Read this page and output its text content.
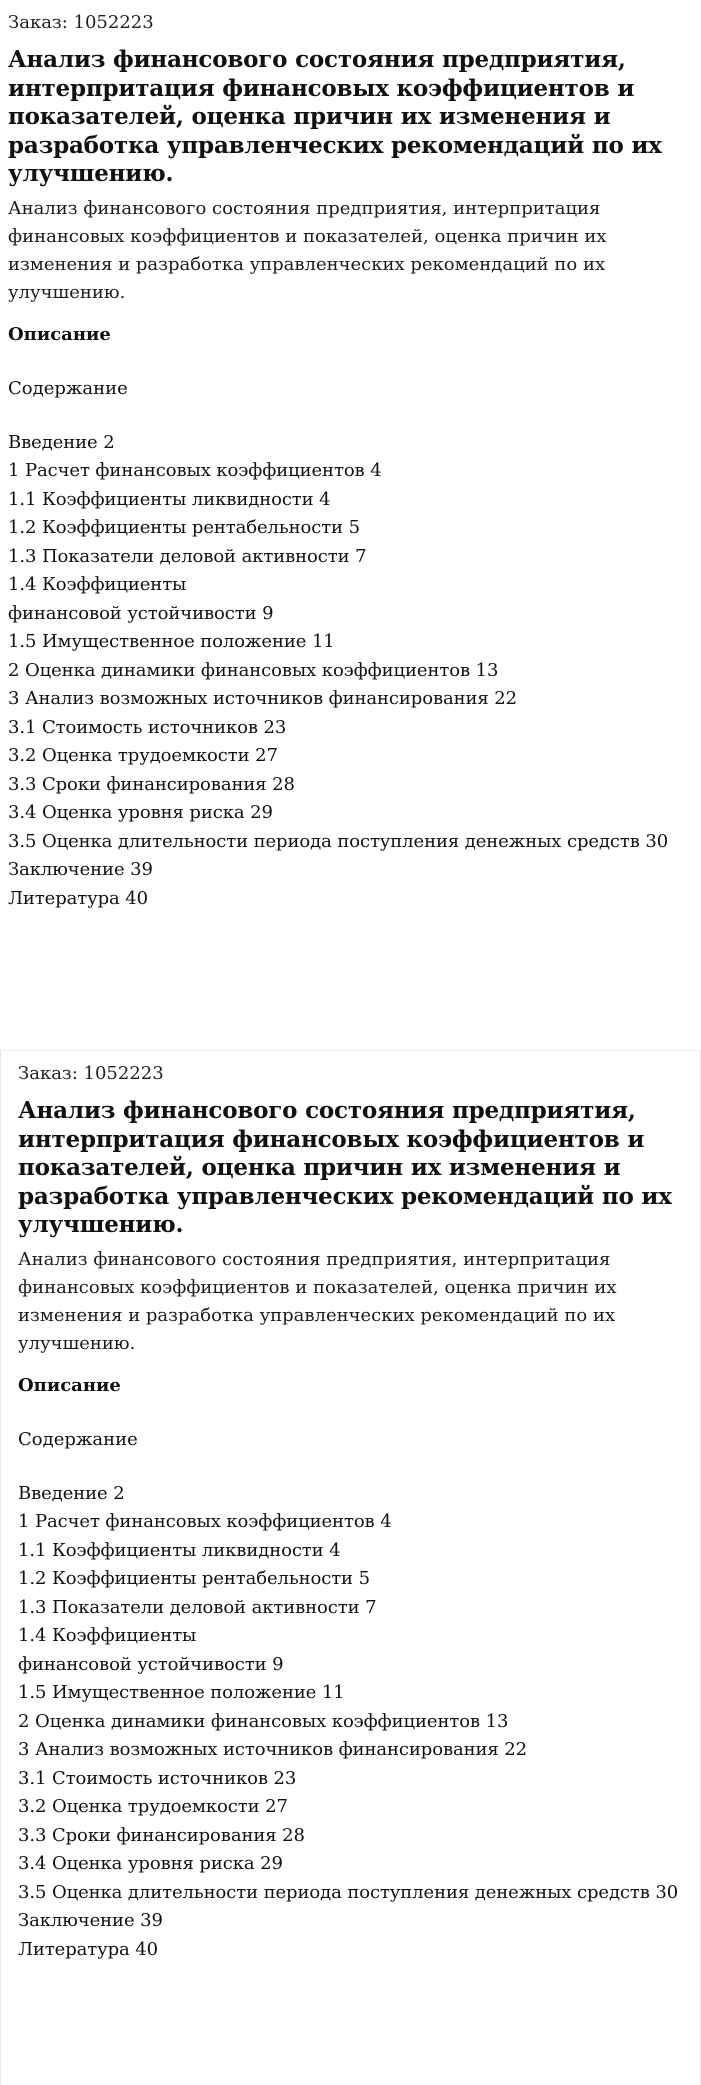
Заказ: 1052223
Анализ финансового состояния предприятия, интерпритация финансовых коэффициентов и показателей, оценка причин их изменения и разработка управленческих рекомендаций по их улучшению.
Анализ финансового состояния предприятия, интерпритация финансовых коэффициентов и показателей, оценка причин их изменения и разработка управленческих рекомендаций по их улучшению.
Описание
Содержание
Введение 2
1 Расчет финансовых коэффициентов 4
1.1 Коэффициенты ликвидности 4
1.2 Коэффициенты рентабельности 5
1.3 Показатели деловой активности 7
1.4 Коэффициенты
финансовой устойчивости 9
1.5 Имущественное положение 11
2 Оценка динамики финансовых коэффициентов 13
3 Анализ возможных источников финансирования 22
3.1 Стоимость источников 23
3.2 Оценка трудоемкости 27
3.3 Сроки финансирования 28
3.4 Оценка уровня риска 29
3.5 Оценка длительности периода поступления денежных средств 30
Заключение 39
Литература 40
Заказ: 1052223
Анализ финансового состояния предприятия, интерпритация финансовых коэффициентов и показателей, оценка причин их изменения и разработка управленческих рекомендаций по их улучшению.
Анализ финансового состояния предприятия, интерпритация финансовых коэффициентов и показателей, оценка причин их изменения и разработка управленческих рекомендаций по их улучшению.
Описание
Содержание
Введение 2
1 Расчет финансовых коэффициентов 4
1.1 Коэффициенты ликвидности 4
1.2 Коэффициенты рентабельности 5
1.3 Показатели деловой активности 7
1.4 Коэффициенты
финансовой устойчивости 9
1.5 Имущественное положение 11
2 Оценка динамики финансовых коэффициентов 13
3 Анализ возможных источников финансирования 22
3.1 Стоимость источников 23
3.2 Оценка трудоемкости 27
3.3 Сроки финансирования 28
3.4 Оценка уровня риска 29
3.5 Оценка длительности периода поступления денежных средств 30
Заключение 39
Литература 40
